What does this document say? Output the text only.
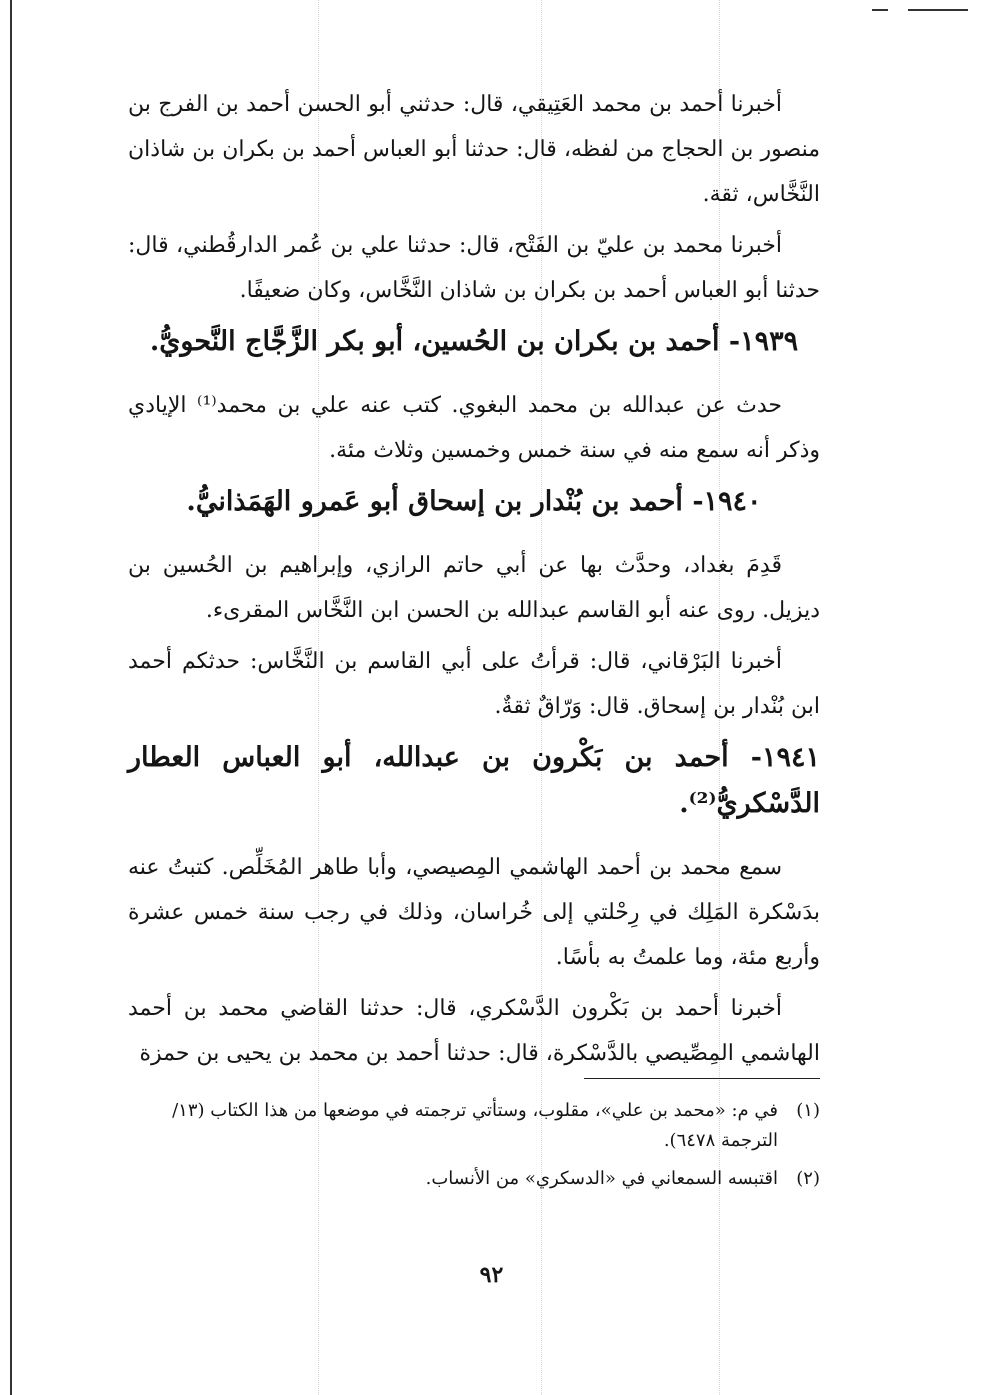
أخبرنا أحمد بن محمد العَتِيقي، قال: حدثني أبو الحسن أحمد بن الفرج بن منصور بن الحجاج من لفظه، قال: حدثنا أبو العباس أحمد بن بكران بن شاذان النَّخَّاس، ثقة.

أخبرنا محمد بن عليّ بن الفَتْح، قال: حدثنا علي بن عُمر الدارقُطني، قال: حدثنا أبو العباس أحمد بن بكران بن شاذان النَّخَّاس، وكان ضعيفًا.

١٩٣٩- أحمد بن بكران بن الحُسين، أبو بكر الزَّجَّاج النَّحويُّ.

حدث عن عبدالله بن محمد البغوي. كتب عنه علي بن محمد⁽¹⁾ الإيادي وذكر أنه سمع منه في سنة خمس وخمسين وثلاث مئة.

١٩٤٠- أحمد بن بُنْدار بن إسحاق أبو عَمرو الهَمَذانيُّ.

قَدِمَ بغداد، وحدَّث بها عن أبي حاتم الرازي، وإبراهيم بن الحُسين بن ديزيل. روى عنه أبو القاسم عبدالله بن الحسن ابن النَّخَّاس المقرىء.

أخبرنا البَرْقاني، قال: قرأتُ على أبي القاسم بن النَّخَّاس: حدثكم أحمد ابن بُنْدار بن إسحاق. قال: وَرّاقٌ ثقةٌ.

١٩٤١- أحمد بن بَكْرون بن عبدالله، أبو العباس العطار الدَّسْكريُّ⁽²⁾.

سمع محمد بن أحمد الهاشمي المِصيصي، وأبا طاهر المُخَلِّص. كتبتُ عنه بدَسْكرة المَلِك في رِحْلتي إلى خُراسان، وذلك في رجب سنة خمس عشرة وأربع مئة، وما علمتُ به بأسًا.

أخبرنا أحمد بن بَكْرون الدَّسْكري، قال: حدثنا القاضي محمد بن أحمد الهاشمي المِصِّيصي بالدَّسْكرة، قال: حدثنا أحمد بن محمد بن يحيى بن حمزة

(١)
في م: «محمد بن علي»، مقلوب، وستأتي ترجمته في موضعها من هذا الكتاب (١٣/ الترجمة ٦٤٧٨).
(٢)
اقتبسه السمعاني في «الدسكري» من الأنساب.
٩٢
